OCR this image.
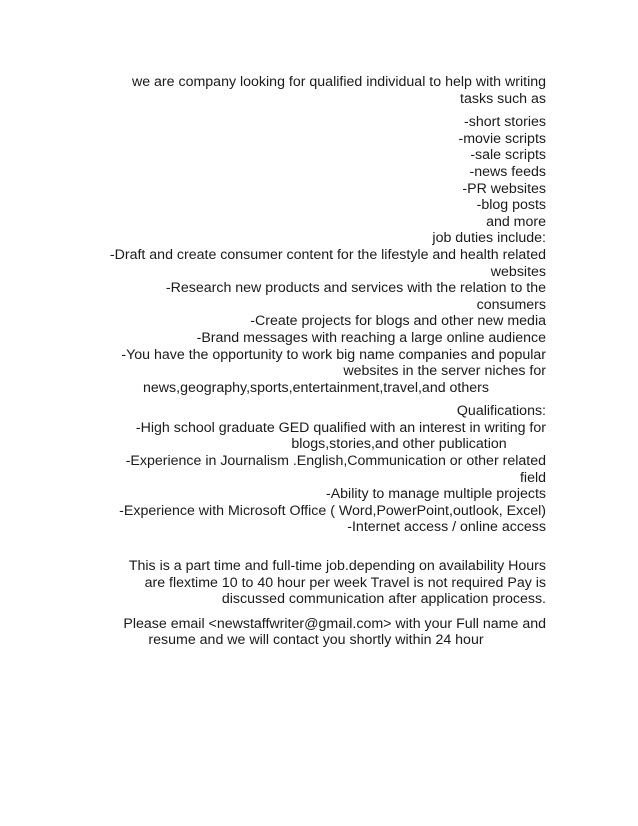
we are company looking for qualified individual to help with writing
tasks such as
-short stories
-movie scripts
-sale scripts
-news feeds
-PR websites
-blog posts
and more
job duties include:
-Draft and create consumer content for the lifestyle and health related
websites
-Research new products and services with the relation to the
consumers
-Create projects for blogs and other new media
-Brand messages with reaching a large online audience
-You have the opportunity to work big name companies and popular
websites in the server niches for
news,geography,sports,entertainment,travel,and others
Qualifications:
-High school graduate GED qualified with an interest in writing for
blogs,stories,and other publication
-Experience in Journalism .English,Communication or other related
field
-Ability to manage multiple projects
-Experience with Microsoft Office ( Word,PowerPoint,outlook, Excel)
-Internet access / online access
This is a part time and full-time job.depending on availability Hours
are flextime 10 to 40 hour per week Travel is not required Pay is
discussed communication after application process.
Please email <newstaffwriter@gmail.com> with your Full name and
resume and we will contact you shortly within 24 hour
